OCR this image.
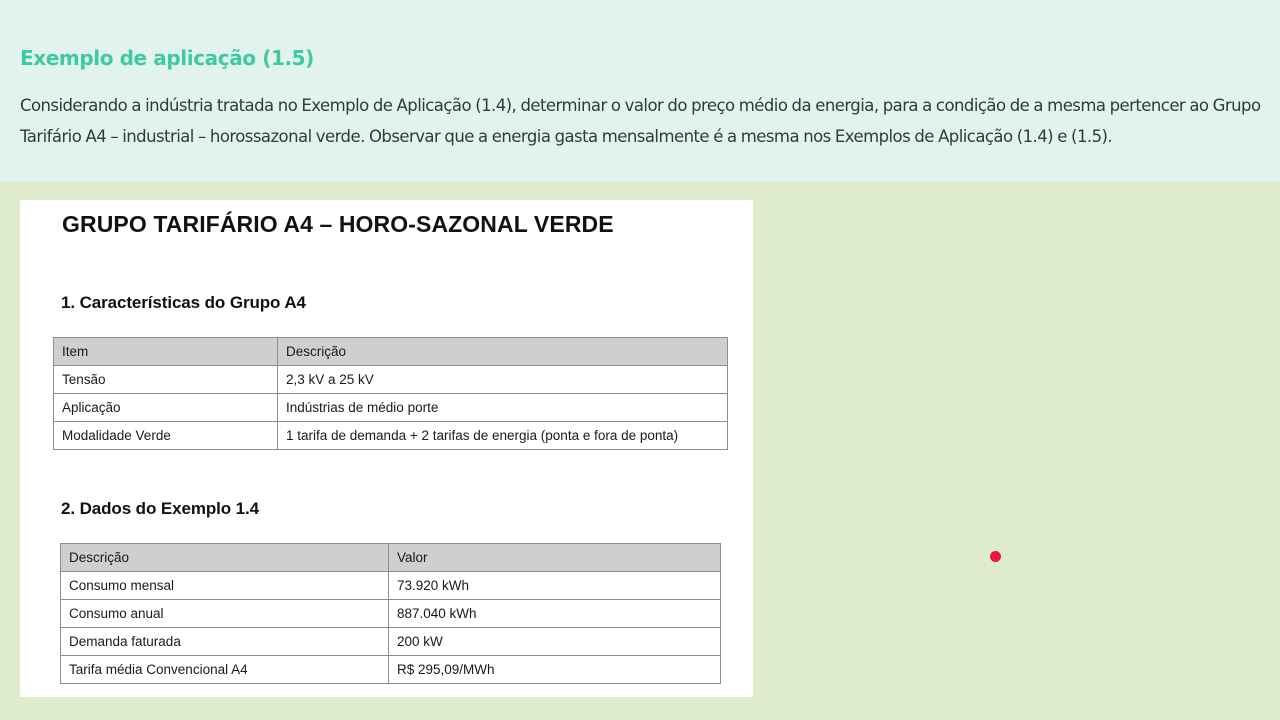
Exemplo de aplicação (1.5)
Considerando a indústria tratada no Exemplo de Aplicação (1.4), determinar o valor do preço médio da energia, para a condição de a mesma pertencer ao Grupo Tarifário A4 – industrial – horossazonal verde. Observar que a energia gasta mensalmente é a mesma nos Exemplos de Aplicação (1.4) e (1.5).
GRUPO TARIFÁRIO A4 – HORO-SAZONAL VERDE
1. Características do Grupo A4
Item	Descrição
Tensão	2,3 kV a 25 kV
Aplicação	Indústrias de médio porte
Modalidade Verde	1 tarifa de demanda + 2 tarifas de energia (ponta e fora de ponta)
2. Dados do Exemplo 1.4
Descrição	Valor
Consumo mensal	73.920 kWh
Consumo anual	887.040 kWh
Demanda faturada	200 kW
Tarifa média Convencional A4	R$ 295,09/MWh
